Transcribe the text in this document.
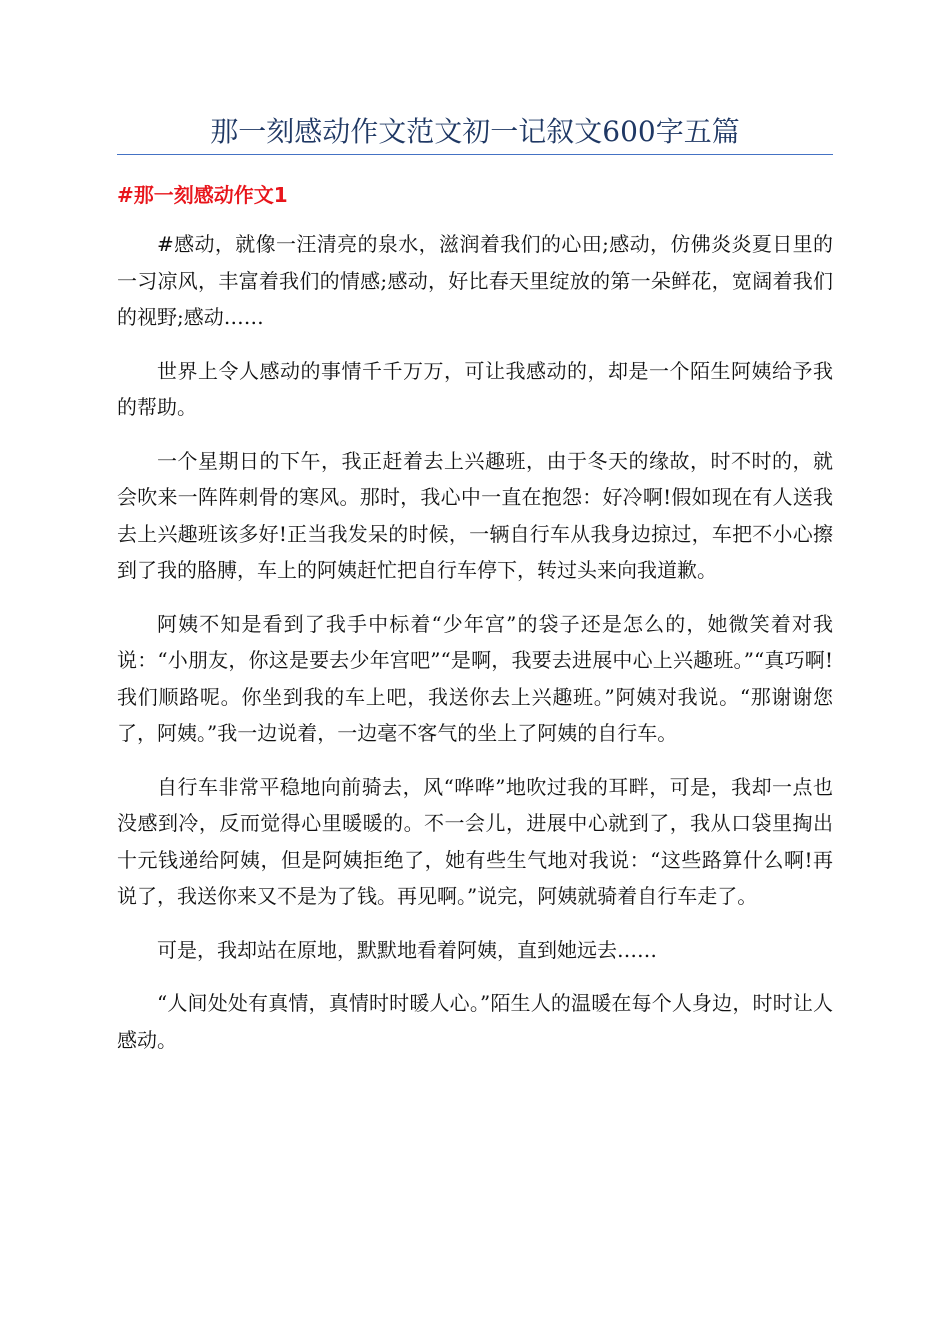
那一刻感动作文范文初一记叙文600字五篇
#那一刻感动作文1

#感动，就像一汪清亮的泉水，滋润着我们的心田;感动，仿佛炎炎夏日里的一习凉风，丰富着我们的情感;感动，好比春天里绽放的第一朵鲜花，宽阔着我们的视野;感动……

世界上令人感动的事情千千万万，可让我感动的，却是一个陌生阿姨给予我的帮助。

一个星期日的下午，我正赶着去上兴趣班，由于冬天的缘故，时不时的，就会吹来一阵阵刺骨的寒风。那时，我心中一直在抱怨：好冷啊!假如现在有人送我去上兴趣班该多好!正当我发呆的时候，一辆自行车从我身边掠过，车把不小心擦到了我的胳膊，车上的阿姨赶忙把自行车停下，转过头来向我道歉。

阿姨不知是看到了我手中标着“少年宫”的袋子还是怎么的，她微笑着对我说：“小朋友，你这是要去少年宫吧”“是啊，我要去进展中心上兴趣班。”“真巧啊!我们顺路呢。你坐到我的车上吧，我送你去上兴趣班。”阿姨对我说。“那谢谢您了，阿姨。”我一边说着，一边毫不客气的坐上了阿姨的自行车。

自行车非常平稳地向前骑去，风“哗哗”地吹过我的耳畔，可是，我却一点也没感到冷，反而觉得心里暖暖的。不一会儿，进展中心就到了，我从口袋里掏出十元钱递给阿姨，但是阿姨拒绝了，她有些生气地对我说：“这些路算什么啊!再说了，我送你来又不是为了钱。再见啊。”说完，阿姨就骑着自行车走了。

可是，我却站在原地，默默地看着阿姨，直到她远去……

“人间处处有真情，真情时时暖人心。”陌生人的温暖在每个人身边，时时让人感动。
